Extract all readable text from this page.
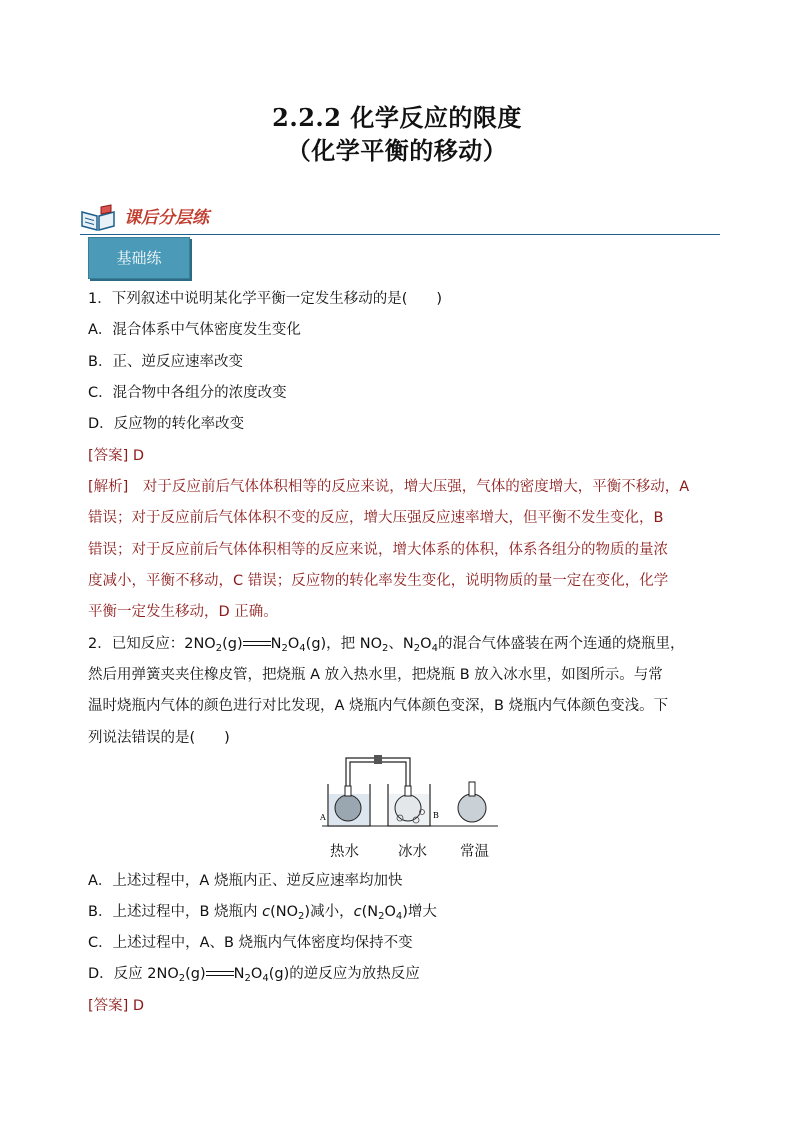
2.2.2 化学反应的限度
（化学平衡的移动）
课后分层练
基础练
1．下列叙述中说明某化学平衡一定发生移动的是(　　)
A．混合体系中气体密度发生变化
B．正、逆反应速率改变
C．混合物中各组分的浓度改变
D．反应物的转化率改变
[答案] D
[解析]　对于反应前后气体体积相等的反应来说，增大压强，气体的密度增大，平衡不移动，A
错误；对于反应前后气体体积不变的反应，增大压强反应速率增大，但平衡不发生变化，B
错误；对于反应前后气体体积相等的反应来说，增大体系的体积，体系各组分的物质的量浓
度减小，平衡不移动，C 错误；反应物的转化率发生变化，说明物质的量一定在变化，化学
平衡一定发生移动，D 正确。
2．已知反应：$2NO_2(g)$ $N_2O_4(g)$，把 $NO_2$、$N_2O_4$的混合气体盛装在两个连通的烧瓶里，
然后用弹簧夹夹住橡皮管，把烧瓶 A 放入热水里，把烧瓶 B 放入冰水里，如图所示。与常
温时烧瓶内气体的颜色进行对比发现，A 烧瓶内气体颜色变深，B 烧瓶内气体颜色变浅。下
列说法错误的是(　　)
A	B
热水	冰水 常温
A．上述过程中，A 烧瓶内正、逆反应速率均加快
B．上述过程中，B 烧瓶内 $c(NO_2)$减小，$c(N_2O_4)$增大
C．上述过程中，A、B 烧瓶内气体密度均保持不变
D．反应 $2NO_2(g)$ $N_2O_4(g)$的逆反应为放热反应
[答案] D
